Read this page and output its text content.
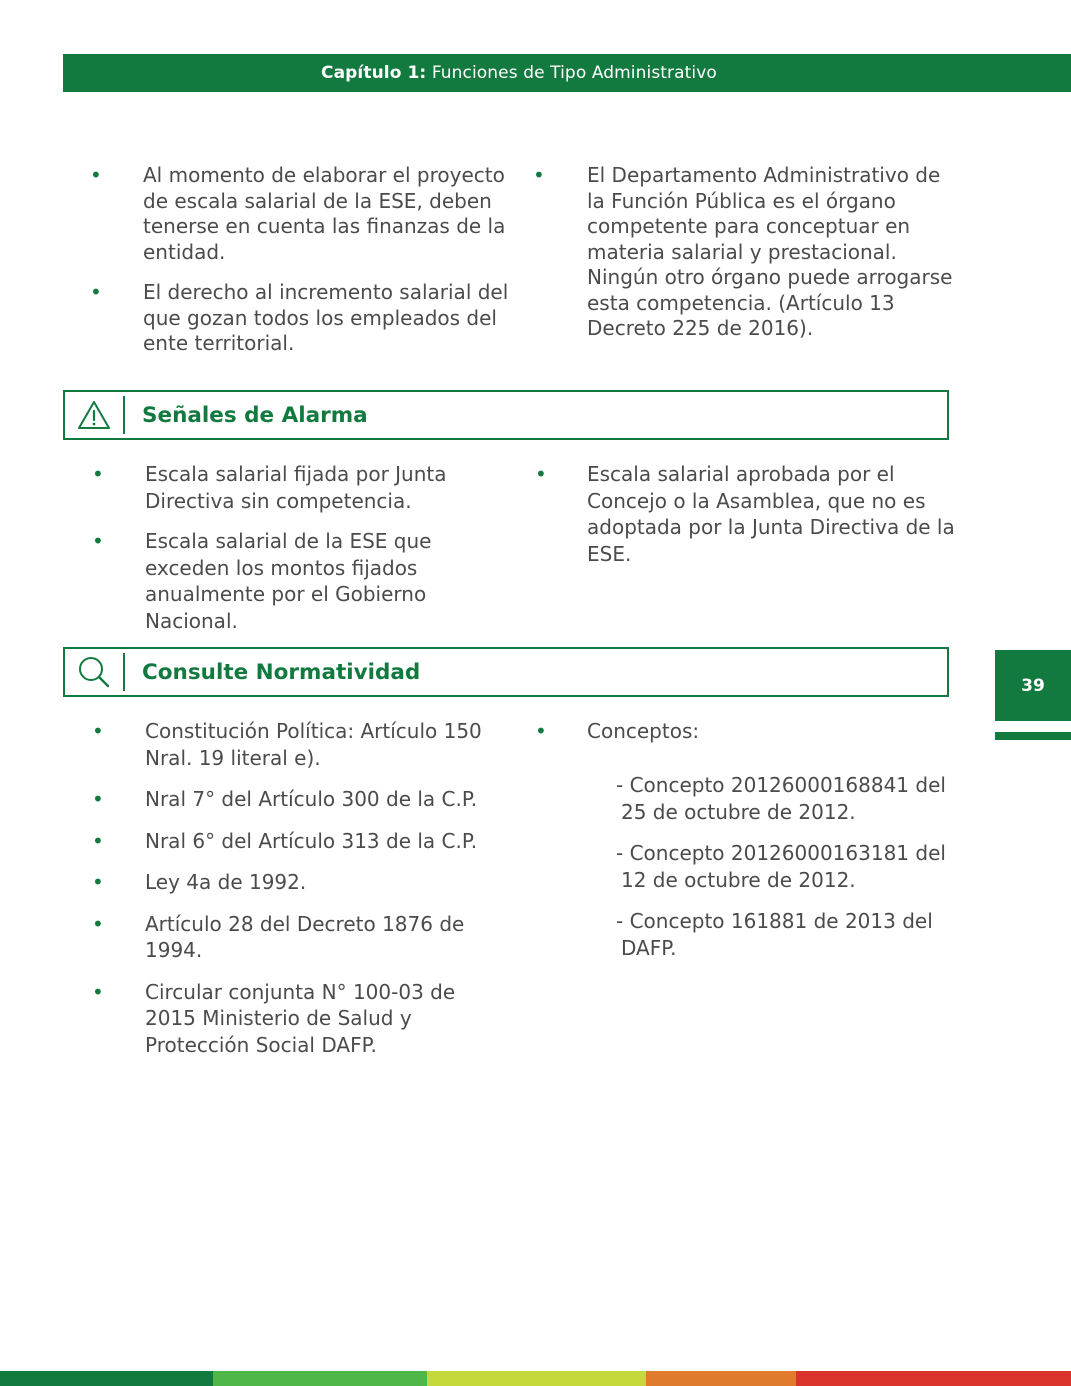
Capítulo 1: Funciones de Tipo Administrativo
• Al momento de elaborar el proyecto de escala salarial de la ESE, deben tenerse en cuenta las finanzas de la entidad.
• El derecho al incremento salarial del que gozan todos los empleados del ente territorial.
• El Departamento Administrativo de la Función Pública es el órgano competente para conceptuar en materia salarial y prestacional. Ningún otro órgano puede arrogarse esta competencia. (Artículo 13 Decreto 225 de 2016).
Señales de Alarma
• Escala salarial fijada por Junta Directiva sin competencia.
• Escala salarial de la ESE que exceden los montos fijados anualmente por el Gobierno Nacional.
• Escala salarial aprobada por el Concejo o la Asamblea, que no es adoptada por la Junta Directiva de la ESE.
Consulte Normatividad
• Constitución Política: Artículo 150 Nral. 19 literal e).
• Nral 7° del Artículo 300 de la C.P.
• Nral 6° del Artículo 313 de la C.P.
• Ley 4a de 1992.
• Artículo 28 del Decreto 1876 de 1994.
• Circular conjunta N° 100-03 de 2015 Ministerio de Salud y Protección Social DAFP.
• Conceptos:
- Concepto 20126000168841 del
25 de octubre de 2012.
- Concepto 20126000163181 del
12 de octubre de 2012.
- Concepto 161881 de 2013 del
DAFP.
39
